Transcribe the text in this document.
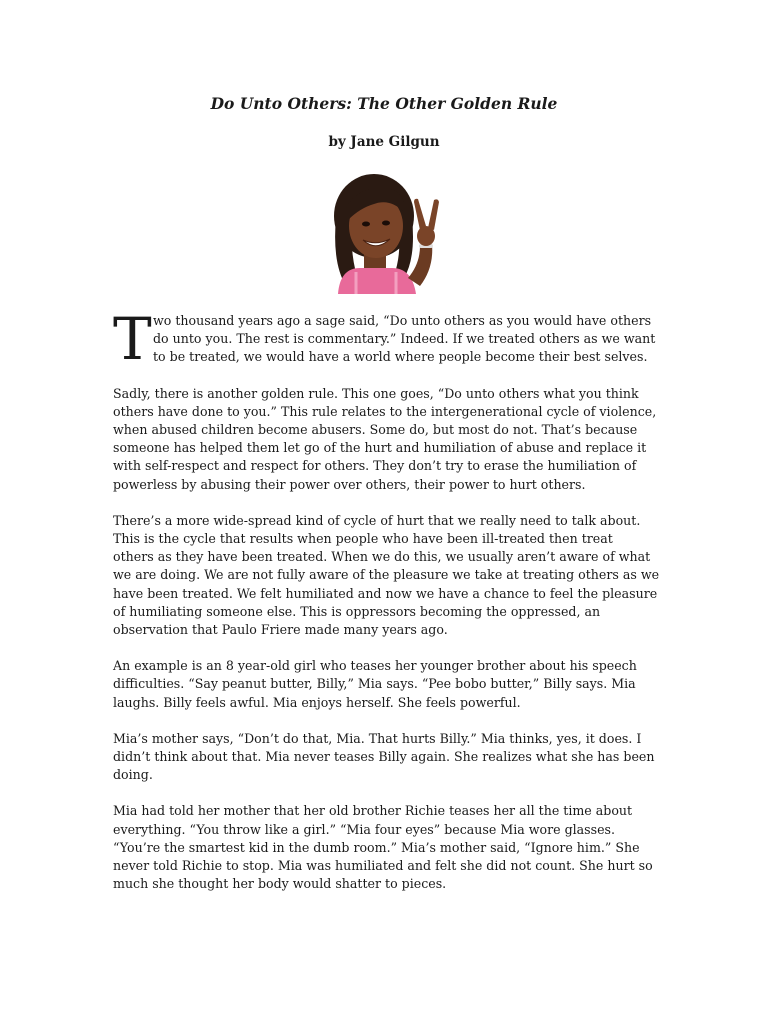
Do Unto Others: The Other Golden Rule
by Jane Gilgun
T wo thousand years ago a sage said, “Do unto others as you would have others
do unto you. The rest is commentary.” Indeed. If we treated others as we want
to be treated, we would have a world where people become their best selves.
Sadly, there is another golden rule. This one goes, “Do unto others what you think
others have done to you.” This rule relates to the intergenerational cycle of violence,
when abused children become abusers. Some do, but most do not. That’s because
someone has helped them let go of the hurt and humiliation of abuse and replace it
with self-respect and respect for others. They don’t try to erase the humiliation of
powerless by abusing their power over others, their power to hurt others.
There’s a more wide-spread kind of cycle of hurt that we really need to talk about.
This is the cycle that results when people who have been ill-treated then treat
others as they have been treated. When we do this, we usually aren’t aware of what
we are doing. We are not fully aware of the pleasure we take at treating others as we
have been treated. We felt humiliated and now we have a chance to feel the pleasure
of humiliating someone else. This is oppressors becoming the oppressed, an
observation that Paulo Friere made many years ago.
An example is an 8 year-old girl who teases her younger brother about his speech
difficulties. “Say peanut butter, Billy,” Mia says. “Pee bobo butter,” Billy says. Mia
laughs. Billy feels awful. Mia enjoys herself. She feels powerful.
Mia’s mother says, “Don’t do that, Mia. That hurts Billy.” Mia thinks, yes, it does. I
didn’t think about that. Mia never teases Billy again. She realizes what she has been
doing.
Mia had told her mother that her old brother Richie teases her all the time about
everything. “You throw like a girl.” “Mia four eyes” because Mia wore glasses.
“You’re the smartest kid in the dumb room.” Mia’s mother said, “Ignore him.” She
never told Richie to stop. Mia was humiliated and felt she did not count. She hurt so
much she thought her body would shatter to pieces.
